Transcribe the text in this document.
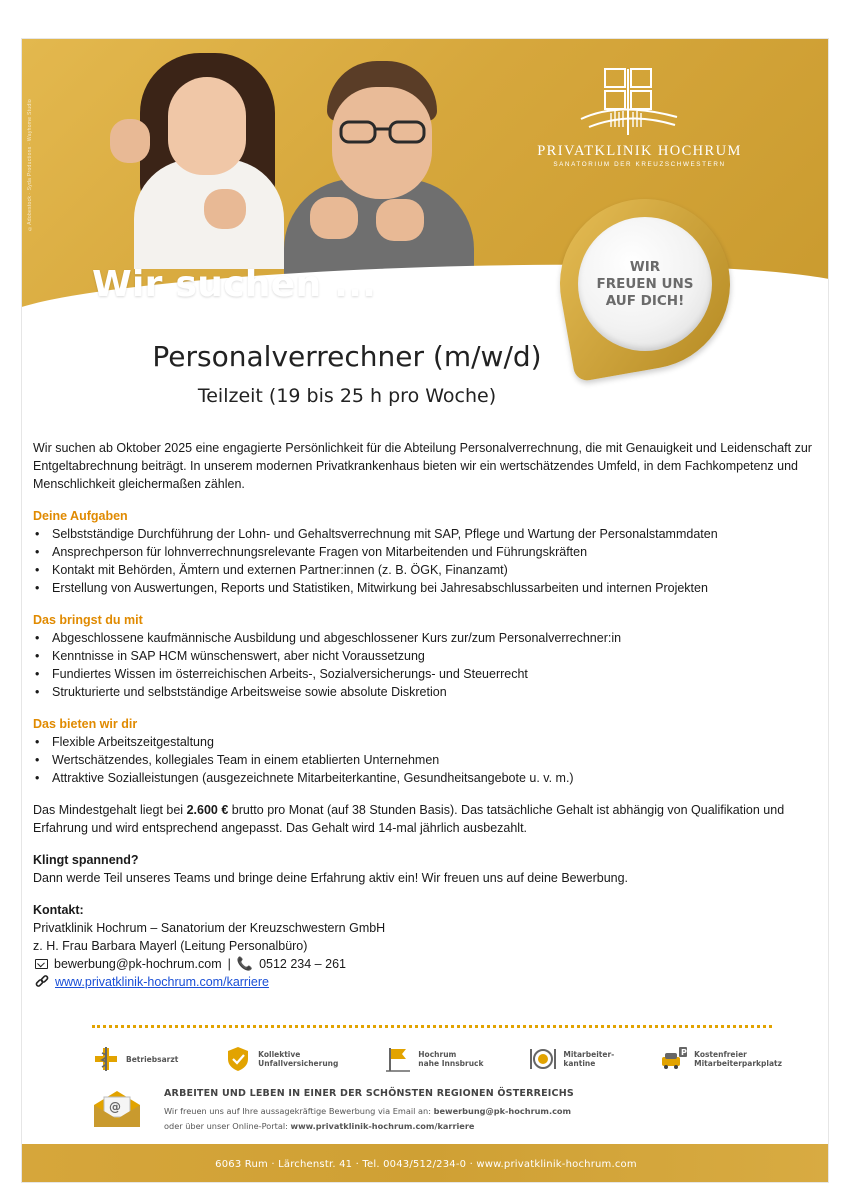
©Adobestock · Syda Productions · Wayhome Studio	PRIVATKLINIK HOCHRUM
SANATORIUM DER KREUZSCHWESTERN
Wir suchen ...	WIR
FREUEN UNS
AUF DICH!
Personalverrechner (m/w/d)
Teilzeit (19 bis 25 h pro Woche)

Wir suchen ab Oktober 2025 eine engagierte Persönlichkeit für die Abteilung Personalverrechnung, die mit Genauigkeit und Leidenschaft zur Entgeltabrechnung beiträgt. In unserem modernen Privatkrankenhaus bieten wir ein wertschätzendes Umfeld, in dem Fachkompetenz und Menschlichkeit gleichermaßen zählen.

Deine Aufgaben

• Selbstständige Durchführung der Lohn- und Gehaltsverrechnung mit SAP, Pflege und Wartung der Personalstammdaten
• Ansprechperson für lohnverrechnungsrelevante Fragen von Mitarbeitenden und Führungskräften
• Kontakt mit Behörden, Ämtern und externen Partner:innen (z. B. ÖGK, Finanzamt)
• Erstellung von Auswertungen, Reports und Statistiken, Mitwirkung bei Jahresabschlussarbeiten und internen Projekten

Das bringst du mit

• Abgeschlossene kaufmännische Ausbildung und abgeschlossener Kurs zur/zum Personalverrechner:in
• Kenntnisse in SAP HCM wünschenswert, aber nicht Voraussetzung
• Fundiertes Wissen im österreichischen Arbeits-, Sozialversicherungs- und Steuerrecht
• Strukturierte und selbstständige Arbeitsweise sowie absolute Diskretion

Das bieten wir dir

• Flexible Arbeitszeitgestaltung
• Wertschätzendes, kollegiales Team in einem etablierten Unternehmen
• Attraktive Sozialleistungen (ausgezeichnete Mitarbeiterkantine, Gesundheitsangebote u. v. m.)

Das Mindestgehalt liegt bei 2.600 € brutto pro Monat (auf 38 Stunden Basis). Das tatsächliche Gehalt ist abhängig von Qualifikation und Erfahrung und wird entsprechend angepasst. Das Gehalt wird 14-mal jährlich ausbezahlt.

Klingt spannend?

Dann werde Teil unseres Teams und bringe deine Erfahrung aktiv ein! Wir freuen uns auf deine Bewerbung.

Kontakt:

Privatklinik Hochrum – Sanatorium der Kreuzschwestern GmbH

z. H. Frau Barbara Mayerl (Leitung Personalbüro)

bewerbung@pk-hochrum.com | 📞 0512 234 – 261

www.privatklinik-hochrum.com/karriere

Betriebsarzt	Kollektive
Unfallversicherung
Hochrum
nahe Innsbruck
Mitarbeiter-
kantine
P Kostenfreier
Mitarbeiterparkplatz
@
ARBEITEN UND LEBEN IN EINER DER SCHÖNSTEN REGIONEN ÖSTERREICHS
Wir freuen uns auf Ihre aussagekräftige Bewerbung via Email an: bewerbung@pk-hochrum.com
oder über unser Online-Portal: www.privatklinik-hochrum.com/karriere
6063 Rum · Lärchenstr. 41 · Tel. 0043/512/234-0 · www.privatklinik-hochrum.com
